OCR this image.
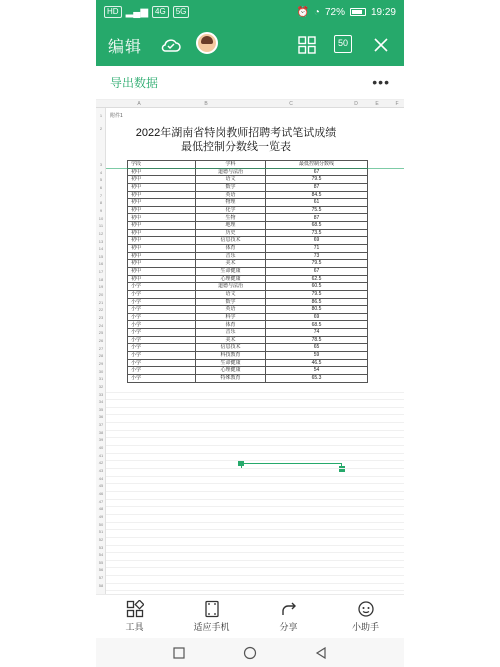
HD ▂▄▆ 4G	5G	⏰ ◔ 72%	19:29
编辑	50
导出数据	•••
A	B	C	D	E	F
1
2
3
4
5
6
7
8
9
10
11
12
13
14
15
16
17
18
19
20
21
22
23
24
25
26
27
28
29
30
31
32
33
34
35
36
37
38
39
40
41
42
43
44
45
46
47
48
49
50
51
52
53
54
55
56
57
58
附件1
2022年湖南省特岗教师招聘考试笔试成绩
最低控制分数线一览表
学段	学科	最低控制分数线
初中	道德与法治	67
初中	语文	79.5
初中	数学	87
初中	英语	84.5
初中	物理	61
初中	化学	75.5
初中	生物	87
初中	地理	68.5
初中	历史	73.5
初中	信息技术	69
初中	体育	71
初中	音乐	73
初中	美术	79.5
初中	生命健康	67
初中	心理健康	62.5
小学	道德与法治	60.5
小学	语文	79.5
小学	数学	86.5
小学	英语	80.5
小学	科学	69
小学	体育	68.5
小学	音乐	74
小学	美术	78.5
小学	信息技术	65
小学	科技教育	59
小学	生命健康	46.5
小学	心理健康	54
小学	特殊教育	65.3
工具	适应手机	分享	小助手
